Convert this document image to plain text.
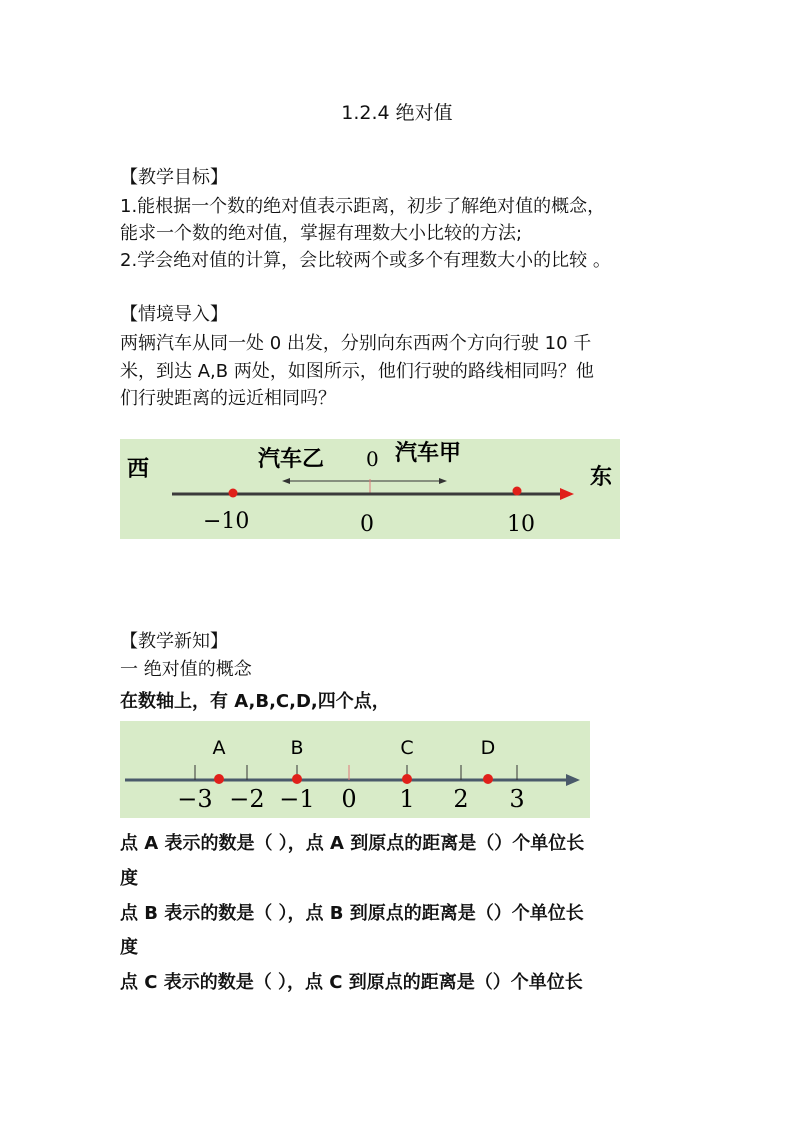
1.2.4 绝对值
【教学目标】
1.能根据一个数的绝对值表示距离，初步了解绝对值的概念，
能求一个数的绝对值，掌握有理数大小比较的方法;
2.学会绝对值的计算，会比较两个或多个有理数大小的比较 。
【情境导入】
两辆汽车从同一处 0 出发，分别向东西两个方向行驶 10 千
米，到达 A,B 两处，如图所示，他们行驶的路线相同吗？他
们行驶距离的远近相同吗？
西	东
汽车乙	汽车甲
0
−10	0	10
【教学新知】
一 绝对值的概念
在数轴上，有 A,B,C,D,四个点，
−3 −2 −1 0 1 2 3
A	B	C	D
点 A 表示的数是（ ），点 A 到原点的距离是（）个单位长
度
点 B 表示的数是（ ），点 B 到原点的距离是（）个单位长
度
点 C 表示的数是（ ），点 C 到原点的距离是（）个单位长
